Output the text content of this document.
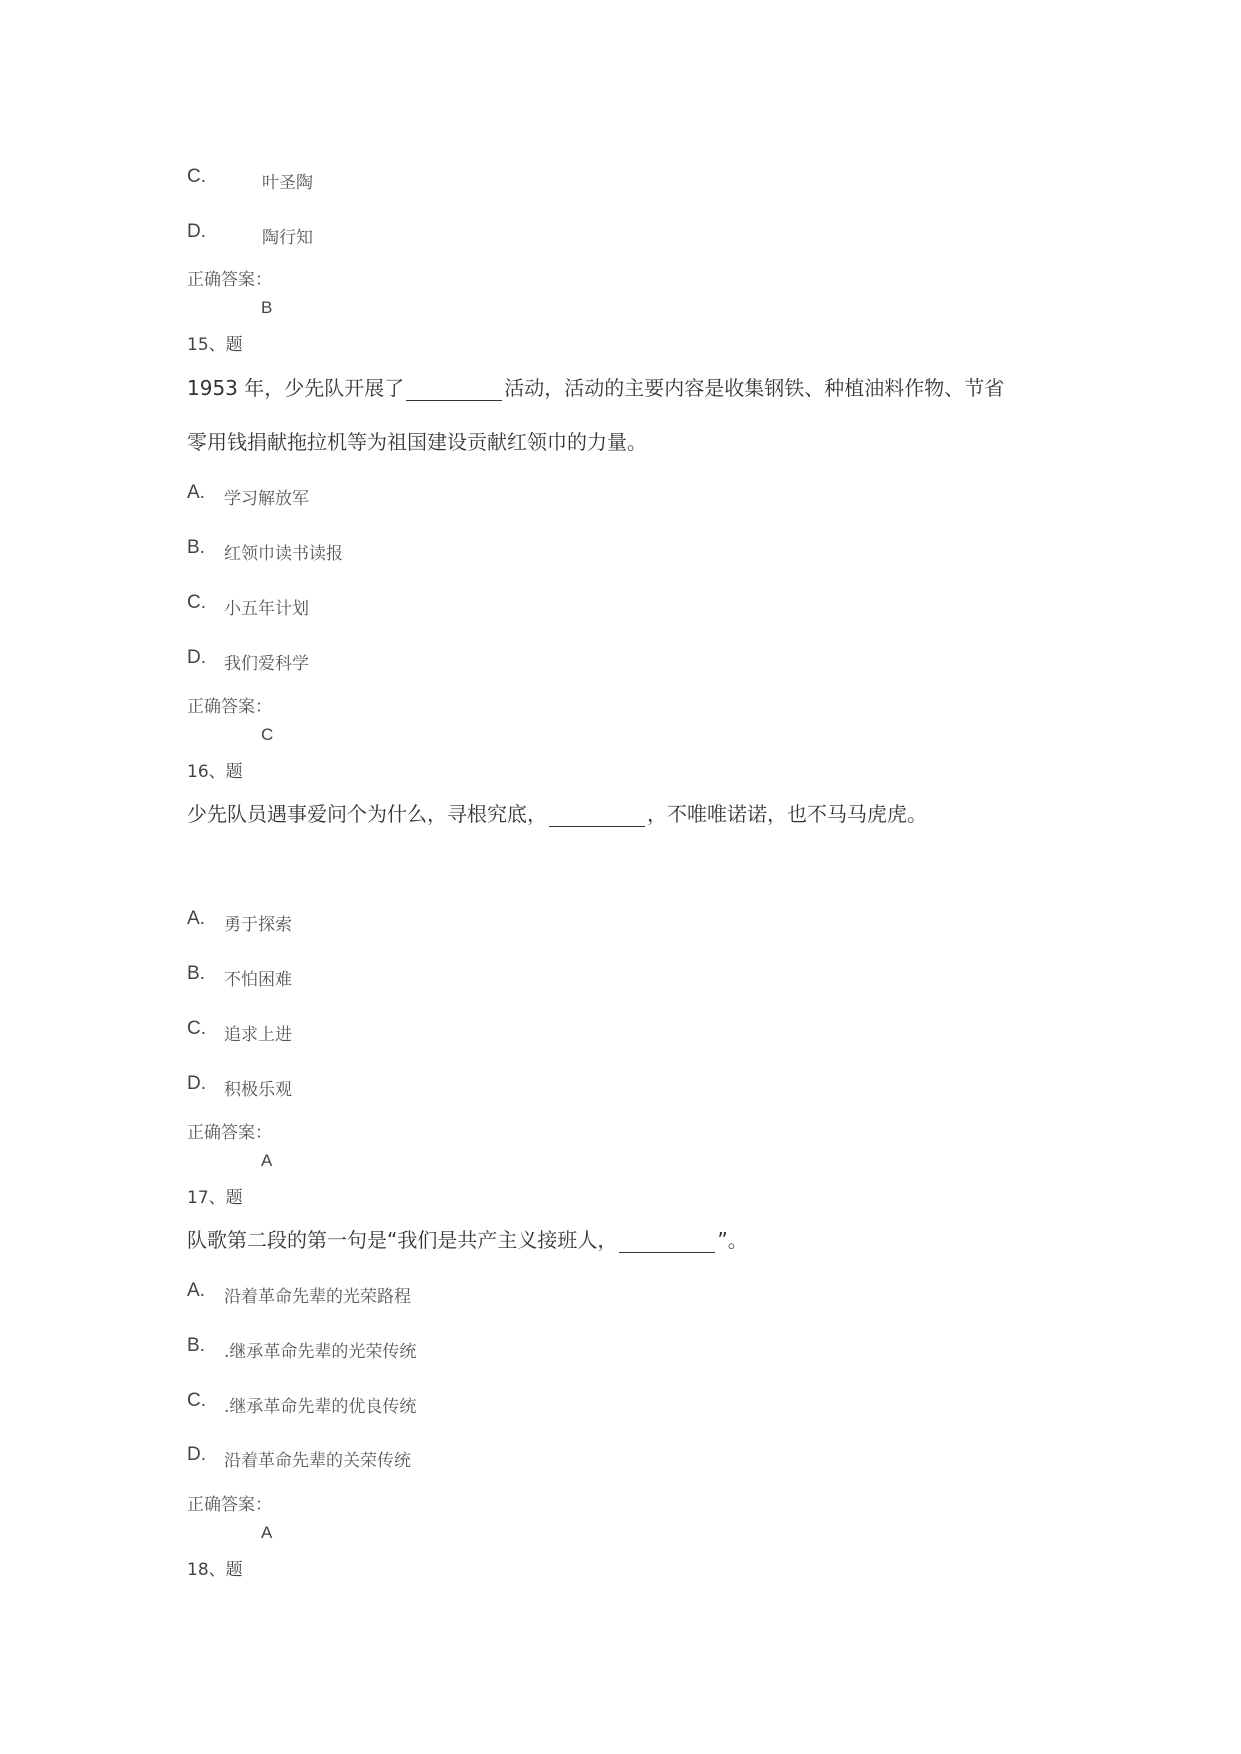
C.	叶圣陶
D.	陶行知
正确答案：
B
15、题
1953 年，少先队开展了	活动，活动的主要内容是收集钢铁、种植油料作物、节省
零用钱捐献拖拉机等为祖国建设贡献红领巾的力量。
A. 学习解放军
B. 红领巾读书读报
C. 小五年计划
D. 我们爱科学
正确答案：
C
16、题
少先队员遇事爱问个为什么，寻根究底，	，不唯唯诺诺，也不马马虎虎。
A. 勇于探索
B. 不怕困难
C. 追求上进
D. 积极乐观
正确答案：
A
17、题
队歌第二段的第一句是“我们是共产主义接班人，	”。
A. 沿着革命先辈的光荣路程
B. .继承革命先辈的光荣传统
C. .继承革命先辈的优良传统
D. 沿着革命先辈的关荣传统
正确答案：
A
18、题
